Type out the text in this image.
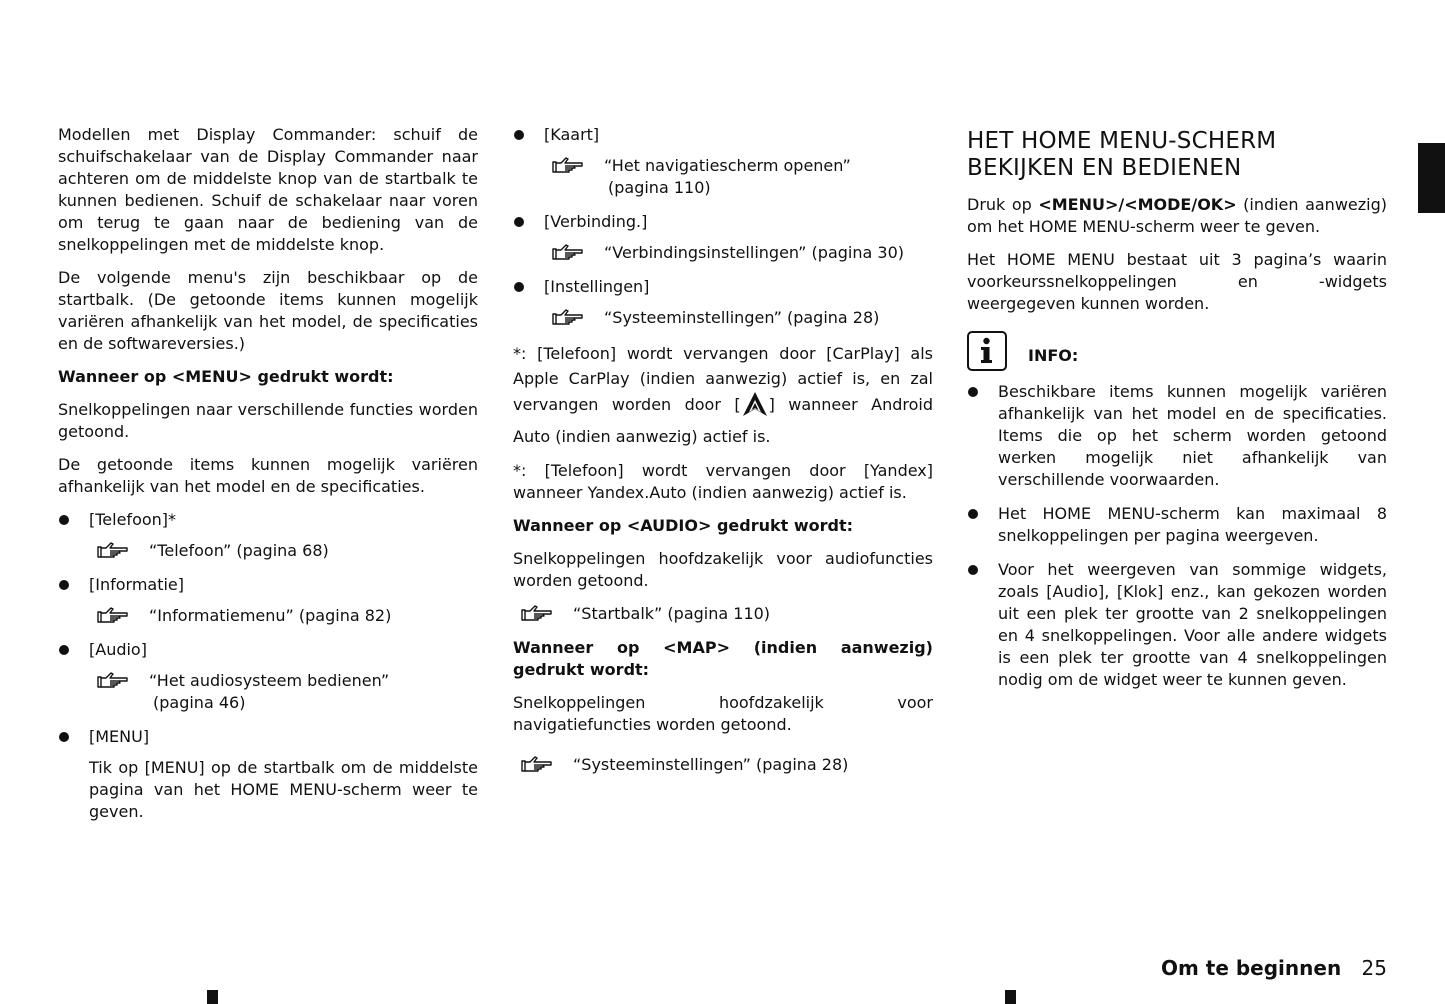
Modellen met Display Commander: schuif de schuifschakelaar van de Display Commander naar achteren om de middelste knop van de startbalk te kunnen bedienen. Schuif de schakelaar naar voren om terug te gaan naar de bediening van de snelkoppelingen met de middelste knop.

De volgende menu's zijn beschikbaar op de startbalk. (De getoonde items kunnen mogelijk variëren afhankelijk van het model, de specificaties en de softwareversies.)

Wanneer op <MENU> gedrukt wordt:

Snelkoppelingen naar verschillende functies worden getoond.

De getoonde items kunnen mogelijk variëren afhankelijk van het model en de specificaties.

[Telefoon]*
“Telefoon” (pagina 68)
[Informatie]
“Informatiemenu” (pagina 82)
[Audio]
“Het audiosysteem bedienen”
(pagina 46)
[MENU]

Tik op [MENU] op de startbalk om de middelste pagina van het HOME MENU-scherm weer te geven.

[Kaart]
“Het navigatiescherm openen”
(pagina 110)
[Verbinding.]
“Verbindingsinstellingen” (pagina 30)
[Instellingen]
“Systeeminstellingen” (pagina 28)

*: [Telefoon] wordt vervangen door [CarPlay] als Apple CarPlay (indien aanwezig) actief is, en zal vervangen worden door [ ] wanneer Android Auto (indien aanwezig) actief is.

*: [Telefoon] wordt vervangen door [Yandex] wanneer Yandex.Auto (indien aanwezig) actief is.

Wanneer op <AUDIO> gedrukt wordt:

Snelkoppelingen hoofdzakelijk voor audiofuncties worden getoond.

“Startbalk” (pagina 110)

Wanneer op <MAP> (indien aanwezig) gedrukt wordt:

Snelkoppelingen hoofdzakelijk voor navigatiefuncties worden getoond.

“Systeeminstellingen” (pagina 28)
HET HOME MENU-SCHERM
BEKIJKEN EN BEDIENEN

Druk op <MENU>/<MODE/OK> (indien aanwezig) om het HOME MENU-scherm weer te geven.

Het HOME MENU bestaat uit 3 pagina’s waarin voorkeurssnelkoppelingen en -widgets weergegeven kunnen worden.

INFO:
Beschikbare items kunnen mogelijk variëren afhankelijk van het model en de specificaties. Items die op het scherm worden getoond werken mogelijk niet afhankelijk van verschillende voorwaarden.
Het HOME MENU-scherm kan maximaal 8 snelkoppelingen per pagina weergeven.
Voor het weergeven van sommige widgets, zoals [Audio], [Klok] enz., kan gekozen worden uit een plek ter grootte van 2 snelkoppelingen en 4 snelkoppelingen. Voor alle andere widgets is een plek ter grootte van 4 snelkoppelingen nodig om de widget weer te kunnen geven.
Om te beginnen 25
